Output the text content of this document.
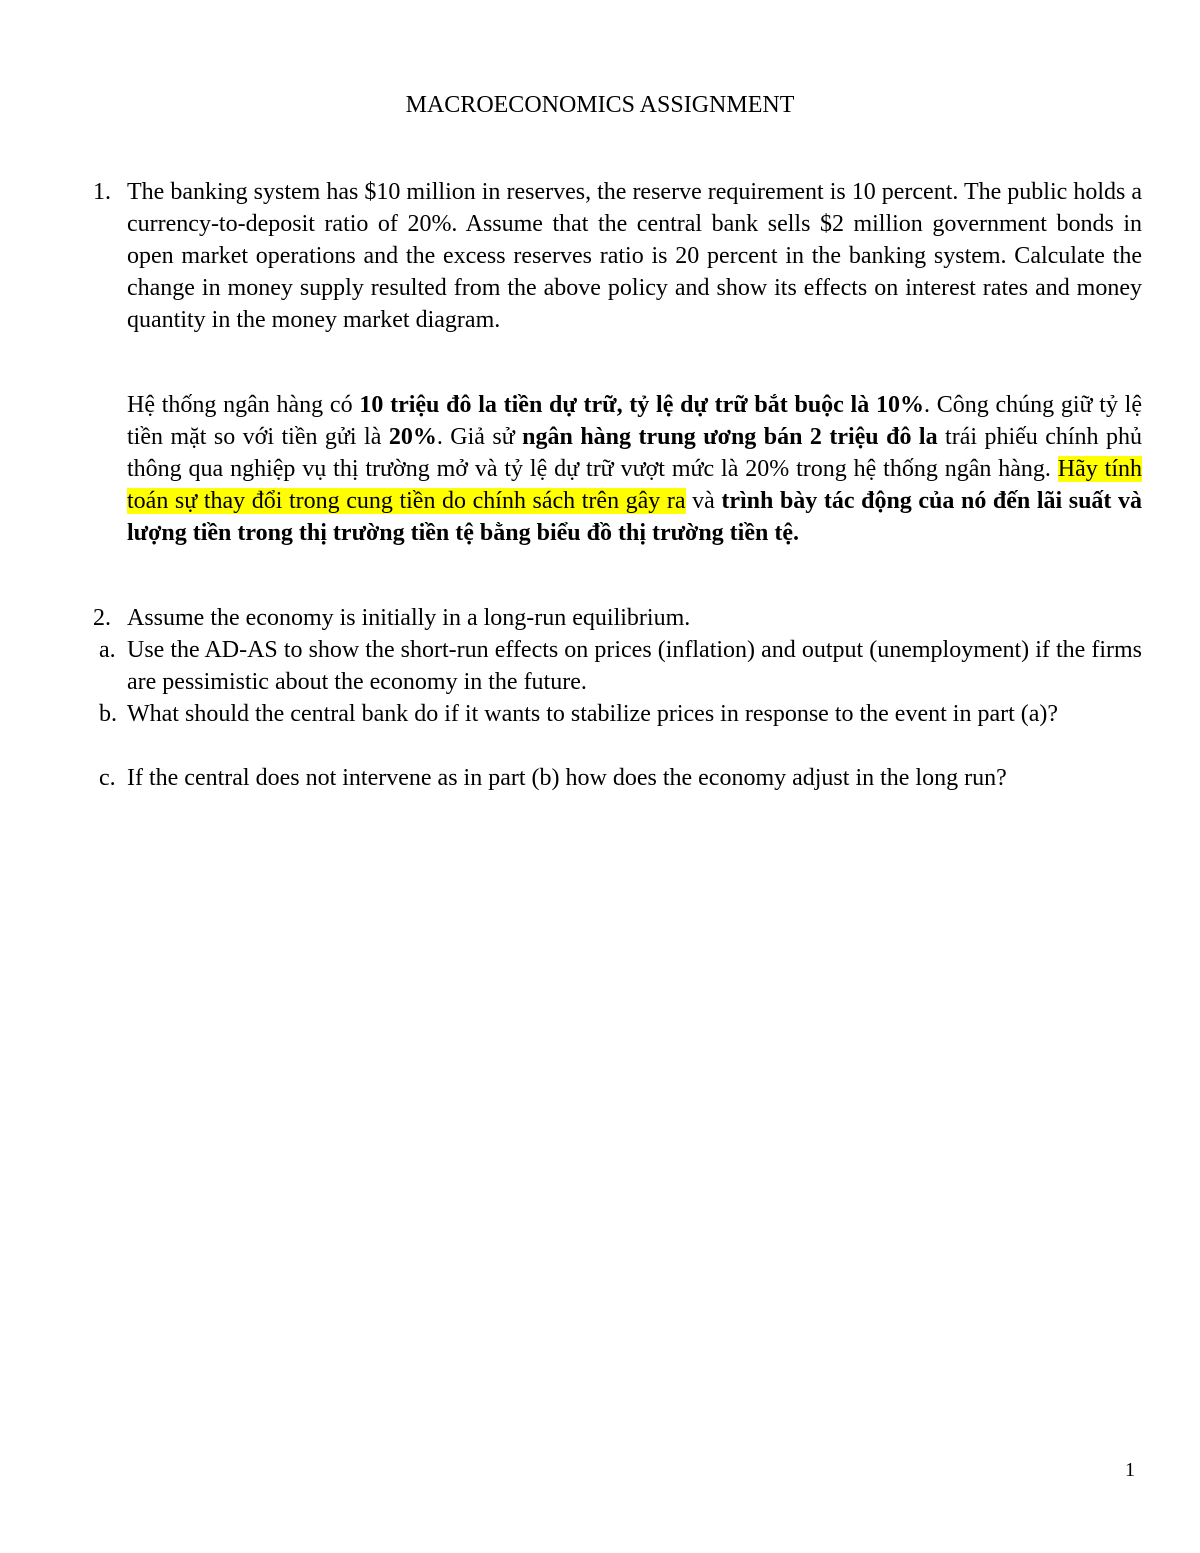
MACROECONOMICS ASSIGNMENT
1. The banking system has $10 million in reserves, the reserve requirement is 10 percent. The public holds a currency-to-deposit ratio of 20%. Assume that the central bank sells $2 million government bonds in open market operations and the excess reserves ratio is 20 percent in the banking system. Calculate the change in money supply resulted from the above policy and show its effects on interest rates and money quantity in the money market diagram.
Hệ thống ngân hàng có 10 triệu đô la tiền dự trữ, tỷ lệ dự trữ bắt buộc là 10%. Công chúng giữ tỷ lệ tiền mặt so với tiền gửi là 20%. Giả sử ngân hàng trung ương bán 2 triệu đô la trái phiếu chính phủ thông qua nghiệp vụ thị trường mở và tỷ lệ dự trữ vượt mức là 20% trong hệ thống ngân hàng. Hãy tính toán sự thay đổi trong cung tiền do chính sách trên gây ra và trình bày tác động của nó đến lãi suất và lượng tiền trong thị trường tiền tệ bằng biểu đồ thị trường tiền tệ.
2. Assume the economy is initially in a long-run equilibrium.
a. Use the AD-AS to show the short-run effects on prices (inflation) and output (unemployment) if the firms are pessimistic about the economy in the future.
b. What should the central bank do if it wants to stabilize prices in response to the event in part (a)?
c. If the central does not intervene as in part (b) how does the economy adjust in the long run?
1
